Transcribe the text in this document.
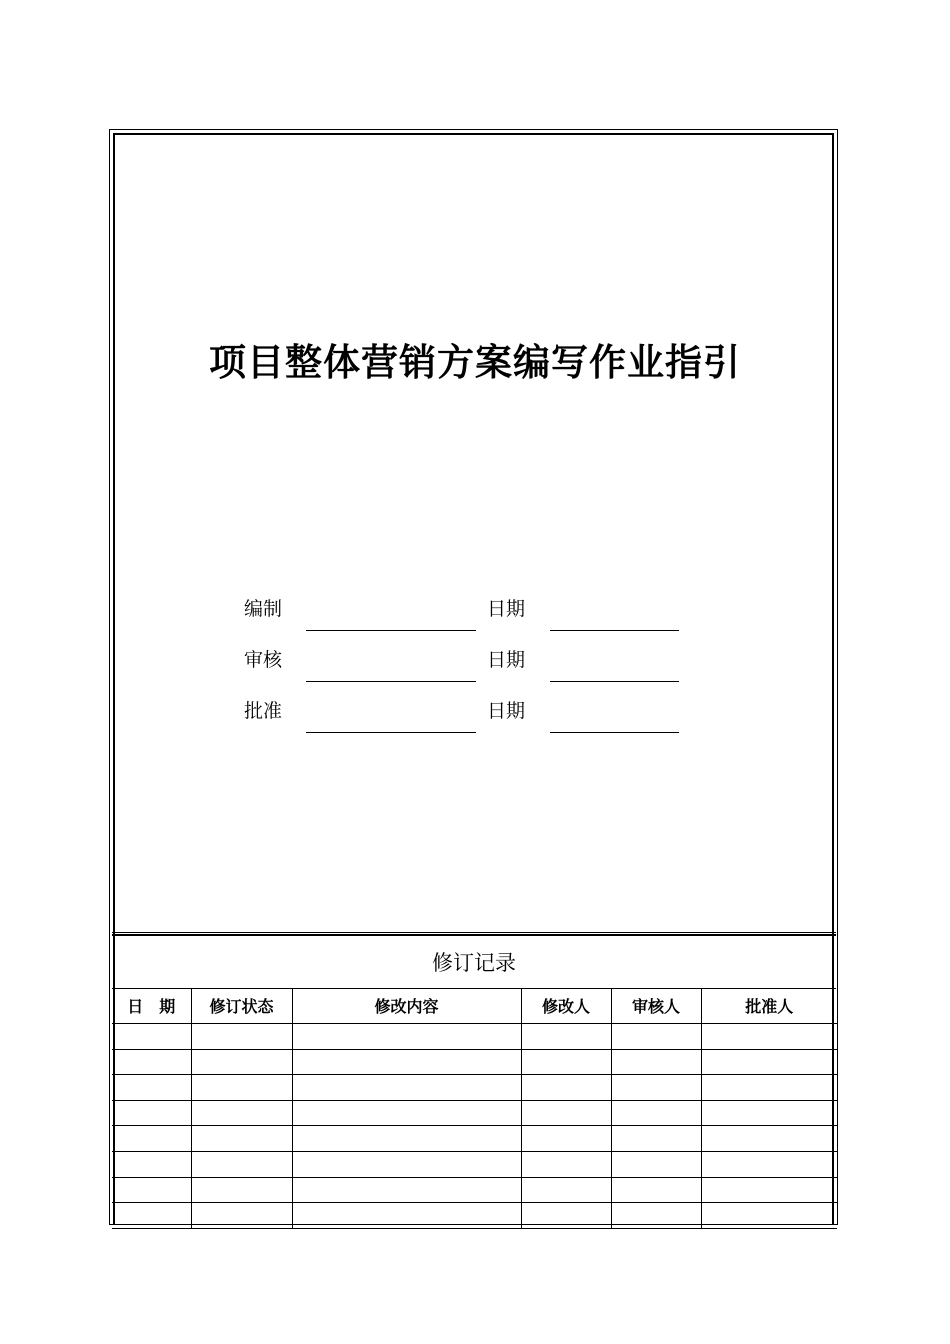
项目整体营销方案编写作业指引
编制	日期
审核	日期
批准	日期
修订记录
日　期	修订状态	修改内容	修改人	审核人	批准人
